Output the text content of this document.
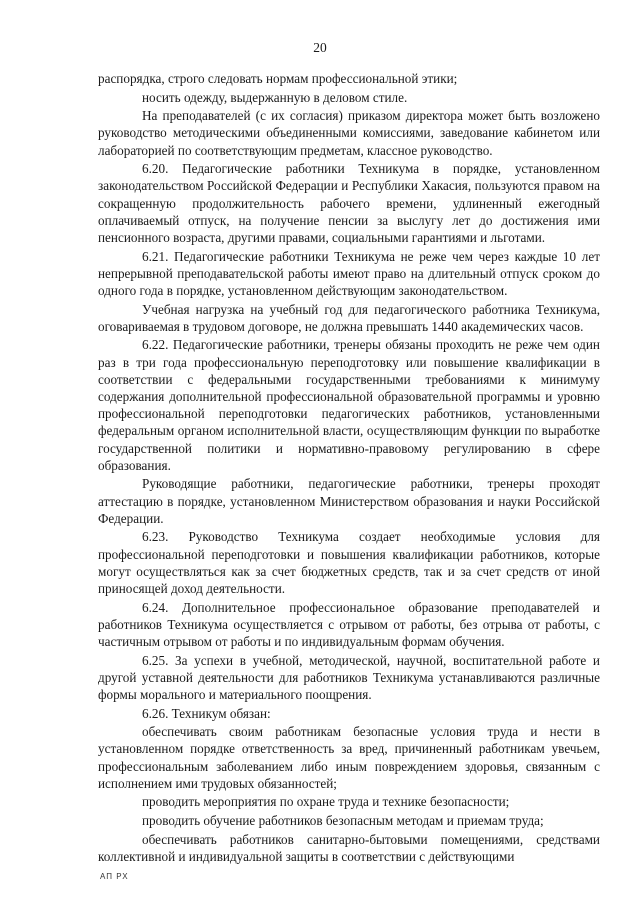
20

распорядка, строго следовать нормам профессиональной этики;

носить одежду, выдержанную в деловом стиле.

На преподавателей (с их согласия) приказом директора может быть возложено руководство методическими объединенными комиссиями, заведование кабинетом или лабораторией по соответствующим предметам, классное руководство.

6.20. Педагогические работники Техникума в порядке, установленном законодательством Российской Федерации и Республики Хакасия, пользуются правом на сокращенную продолжительность рабочего времени, удлиненный ежегодный оплачиваемый отпуск, на получение пенсии за выслугу лет до достижения ими пенсионного возраста, другими правами, социальными гарантиями и льготами.

6.21. Педагогические работники Техникума не реже чем через каждые 10 лет непрерывной преподавательской работы имеют право на длительный отпуск сроком до одного года в порядке, установленном действующим законодательством.

Учебная нагрузка на учебный год для педагогического работника Техникума, оговариваемая в трудовом договоре, не должна превышать 1440 академических часов.

6.22. Педагогические работники, тренеры обязаны проходить не реже чем один раз в три года профессиональную переподготовку или повышение квалификации в соответствии с федеральными государственными требованиями к минимуму содержания дополнительной профессиональной образовательной программы и уровню профессиональной переподготовки педагогических работников, установленными федеральным органом исполнительной власти, осуществляющим функции по выработке государственной политики и нормативно-правовому регулированию в сфере образования.

Руководящие работники, педагогические работники, тренеры проходят аттестацию в порядке, установленном Министерством образования и науки Российской Федерации.

6.23. Руководство Техникума создает необходимые условия для профессиональной переподготовки и повышения квалификации работников, которые могут осуществляться как за счет бюджетных средств, так и за счет средств от иной приносящей доход деятельности.

6.24. Дополнительное профессиональное образование преподавателей и работников Техникума осуществляется с отрывом от работы, без отрыва от работы, с частичным отрывом от работы и по индивидуальным формам обучения.

6.25. За успехи в учебной, методической, научной, воспитательной работе и другой уставной деятельности для работников Техникума устанавливаются различные формы морального и материального поощрения.

6.26. Техникум обязан:

обеспечивать своим работникам безопасные условия труда и нести в установленном порядке ответственность за вред, причиненный работникам увечьем, профессиональным заболеванием либо иным повреждением здоровья, связанным с исполнением ими трудовых обязанностей;

проводить мероприятия по охране труда и технике безопасности;

проводить обучение работников безопасным методам и приемам труда;

обеспечивать работников санитарно-бытовыми помещениями, средствами коллективной и индивидуальной защиты в соответствии с действующими

АП РХ
